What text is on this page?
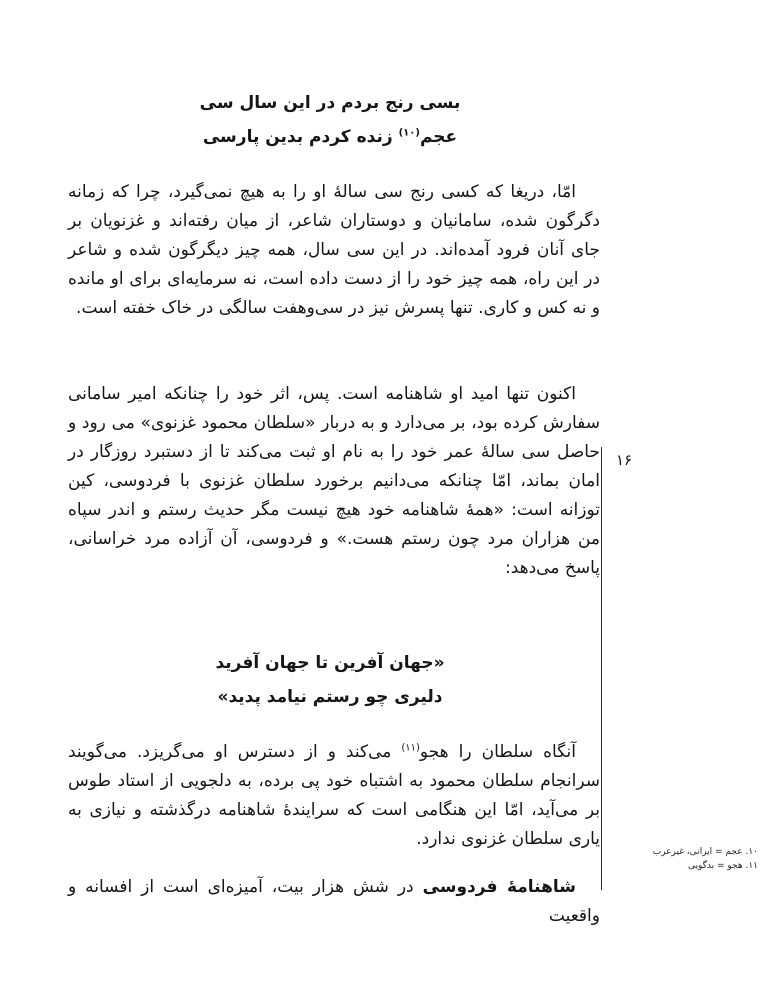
بسی رنج بردم در این سال سی
عجم$^{(۱۰)}$ زنده کردم بدین پارسی

امّا، دریغا که کسی رنج سی سالهٔ او را به هیچ نمی‌گیرد، چرا که زمانه دگرگون شده، سامانیان و دوستاران شاعر، از میان رفته‌اند و غزنویان بر جای آنان فرود آمده‌اند. در این سی سال، همه چیز دیگرگون شده و شاعر در این راه، همه چیز خود را از دست داده است، نه سرمایه‌ای برای او مانده و نه کس و کاری. تنها پسرش نیز در سی‌وهفت سالگی در خاک خفته است.

اکنون تنها امید او شاهنامه است. پس، اثر خود را چنانکه امیر سامانی سفارش کرده بود، بر می‌دارد و به دربار «سلطان محمود غزنوی» می رود و حاصل سی سالهٔ عمر خود را به نام او ثبت می‌کند تا از دستبرد روزگار در امان بماند، امّا چنانکه می‌دانیم برخورد سلطان غزنوی با فردوسی، کین توزانه است: «همهٔ شاهنامه خود هیچ نیست مگر حدیث رستم و اندر سپاه من هزاران مرد چون رستم هست.» و فردوسی، آن آزاده مرد خراسانی، پاسخ می‌دهد:

«جهان آفرین تا جهان آفرید
دلیری چو رستم نیامد پدید»

آنگاه سلطان را هجو$^{(۱۱)}$ می‌کند و از دسترس او می‌گریزد. می‌گویند سرانجام سلطان محمود به اشتباه خود پی برده، به دلجویی از استاد طوس بر می‌آید، امّا این هنگامی است که سرایندهٔ شاهنامه درگذشته و نیازی به یاری سلطان غزنوی ندارد.

شاهنامهٔ فردوسی در شش هزار بیت، آمیزه‌ای است از افسانه و واقعیت

۱۶
۱۰. عجم = ایرانی، غیرعرب
۱۱. هجو = بدگویی
